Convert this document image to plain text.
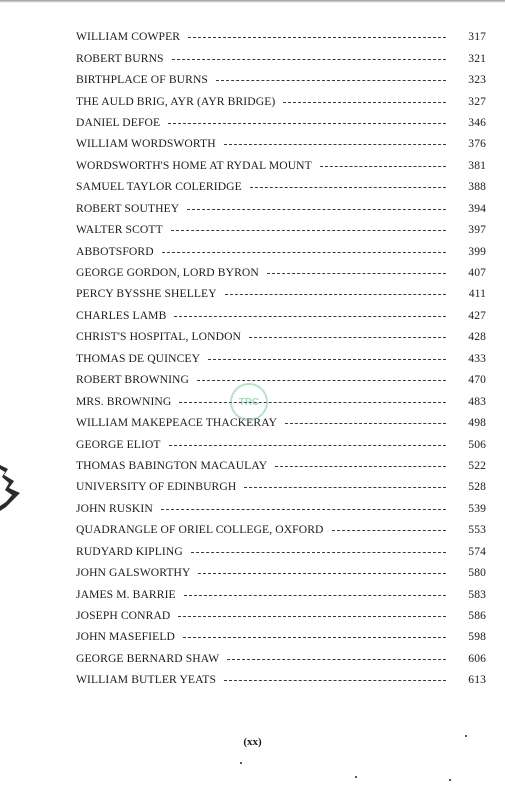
WILLIAM COWPER	317
ROBERT BURNS	321
BIRTHPLACE OF BURNS	323
THE AULD BRIG, AYR (AYR BRIDGE)	327
DANIEL DEFOE	346
WILLIAM WORDSWORTH	376
WORDSWORTH'S HOME AT RYDAL MOUNT	381
SAMUEL TAYLOR COLERIDGE	388
ROBERT SOUTHEY	394
WALTER SCOTT	397
ABBOTSFORD	399
GEORGE GORDON, LORD BYRON	407
PERCY BYSSHE SHELLEY	411
CHARLES LAMB	427
CHRIST'S HOSPITAL, LONDON	428
THOMAS DE QUINCEY	433
ROBERT BROWNING	470
MRS. BROWNING	483
WILLIAM MAKEPEACE THACKERAY	498
GEORGE ELIOT	506
THOMAS BABINGTON MACAULAY	522
UNIVERSITY OF EDINBURGH	528
JOHN RUSKIN	539
QUADRANGLE OF ORIEL COLLEGE, OXFORD	553
RUDYARD KIPLING	574
JOHN GALSWORTHY	580
JAMES M. BARRIE	583
JOSEPH CONRAD	586
JOHN MASEFIELD	598
GEORGE BERNARD SHAW	606
WILLIAM BUTLER YEATS	613
TRC
(xx)
